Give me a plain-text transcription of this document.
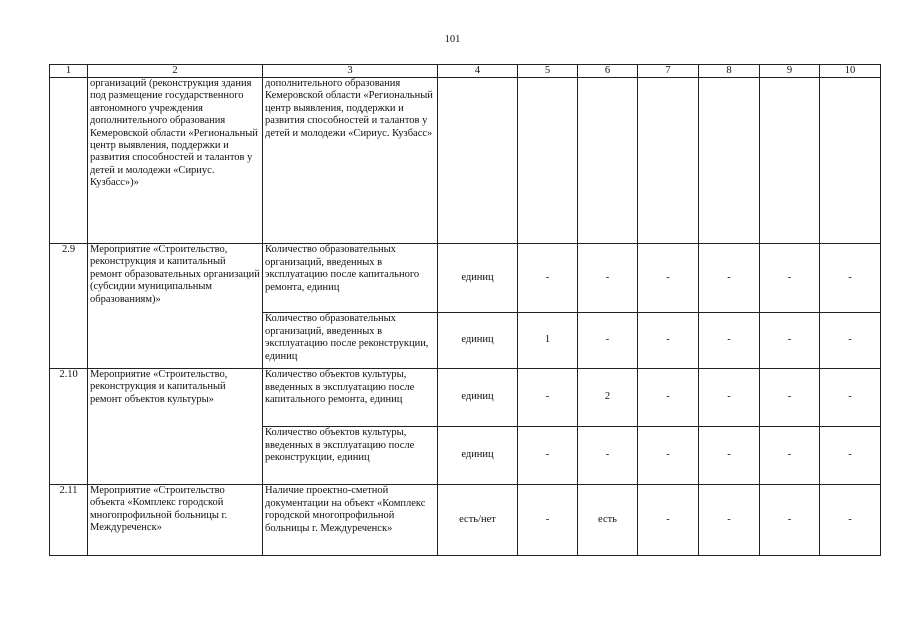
101
1	2	3	4	5	6	7	8	9	10
	организаций (реконструкция здания под размещение государственного автономного учреждения дополнительного образования Кемеровской области «Региональный центр выявления, поддержки и развития способностей и талантов у детей и молодежи «Сириус. Кузбасс»)»	дополнительного образования Кемеровской области «Региональный центр выявления, поддержки и развития способностей и талантов у детей и молодежи «Сириус. Кузбасс»							
2.9	Мероприятие «Строительство, реконструкция и капитальный ремонт образовательных организаций (субсидии муниципальным образованиям)»	Количество образовательных организаций, введенных в эксплуатацию после капитального ремонта, единиц	единиц	-	-	-	-	-	-
		Количество образовательных организаций, введенных в эксплуатацию после реконструкции, единиц	единиц	1	-	-	-	-	-
2.10	Мероприятие «Строительство, реконструкция и капитальный ремонт объектов культуры»	Количество объектов культуры, введенных в эксплуатацию после капитального ремонта, единиц	единиц	-	2	-	-	-	-
		Количество объектов культуры, введенных в эксплуатацию после реконструкции, единиц	единиц	-	-	-	-	-	-
2.11	Мероприятие «Строительство объекта «Комплекс городской многопрофильной больницы г. Междуреченск»	Наличие проектно-сметной документации на объект «Комплекс городской многопрофильной больницы г. Междуреченск»	есть/нет	-	есть	-	-	-	-
